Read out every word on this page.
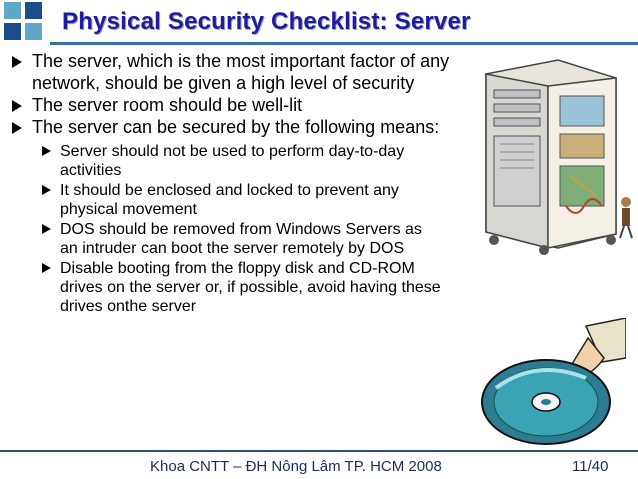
Physical Security Checklist: Server
The server, which is the most important factor of any network, should be given a high level of security
The server room should be well-lit
The server can be secured by the following means:
Server should not be used to perform day-to-day activities
It should be enclosed and locked to prevent any physical movement
DOS should be removed from Windows Servers as an intruder can boot the server remotely by DOS
Disable booting from the floppy disk and CD-ROM drives on the server or, if possible, avoid having these drives onthe server
Khoa CNTT – ĐH Nông Lâm TP. HCM 2008	11/40
